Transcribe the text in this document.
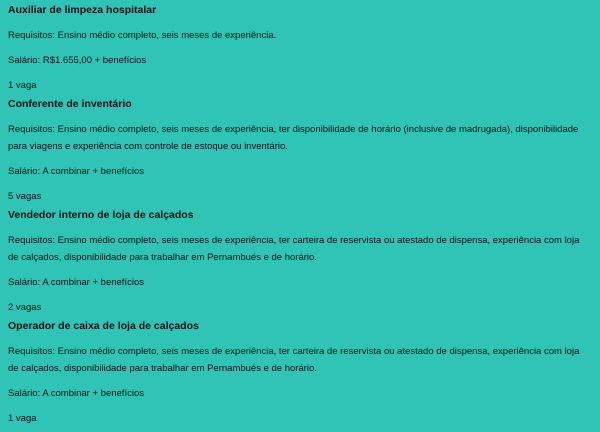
Auxiliar de limpeza hospitalar

Requisitos: Ensino médio completo, seis meses de experiência.

Salário: R$1.655,00 + benefícios

1 vaga

Conferente de inventário

Requisitos: Ensino médio completo, seis meses de experiência, ter disponibilidade de horário (inclusive de madrugada), disponibilidade para viagens e experiência com controle de estoque ou inventário.

Salário: A combinar + benefícios

5 vagas

Vendedor interno de loja de calçados

Requisitos: Ensino médio completo, seis meses de experiência, ter carteira de reservista ou atestado de dispensa, experiência com loja de calçados, disponibilidade para trabalhar em Pernambués e de horário.

Salário: A combinar + benefícios

2 vagas

Operador de caixa de loja de calçados

Requisitos: Ensino médio completo, seis meses de experiência, ter carteira de reservista ou atestado de dispensa, experiência com loja de calçados, disponibilidade para trabalhar em Pernambués e de horário.

Salário: A combinar + benefícios

1 vaga
